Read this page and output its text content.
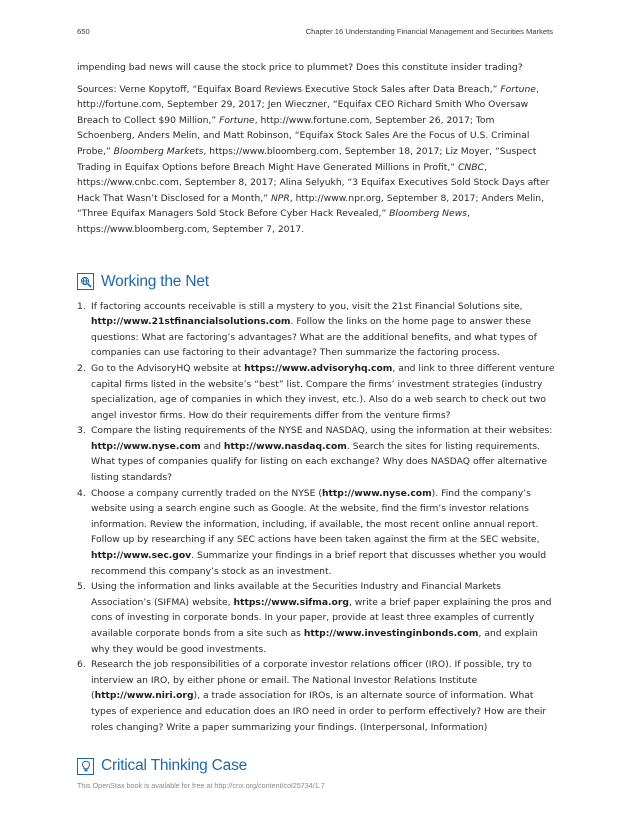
650	Chapter 16 Understanding Financial Management and Securities Markets

impending bad news will cause the stock price to plummet? Does this constitute insider trading?

Sources: Verne Kopytoff, “Equifax Board Reviews Executive Stock Sales after Data Breach,” Fortune, http://fortune.com, September 29, 2017; Jen Wieczner, “Equifax CEO Richard Smith Who Oversaw Breach to Collect $90 Million,” Fortune, http://www.fortune.com, September 26, 2017; Tom Schoenberg, Anders Melin, and Matt Robinson, “Equifax Stock Sales Are the Focus of U.S. Criminal Probe,” Bloomberg Markets, https://www.bloomberg.com, September 18, 2017; Liz Moyer, “Suspect Trading in Equifax Options before Breach Might Have Generated Millions in Profit,” CNBC, https://www.cnbc.com, September 8, 2017; Alina Selyukh, “3 Equifax Executives Sold Stock Days after Hack That Wasn’t Disclosed for a Month,” NPR, http://www.npr.org, September 8, 2017; Anders Melin, “Three Equifax Managers Sold Stock Before Cyber Hack Revealed,” Bloomberg News, https://www.bloomberg.com, September 7, 2017.

Working the Net
1. If factoring accounts receivable is still a mystery to you, visit the 21st Financial Solutions site, http://www.21stfinancialsolutions.com. Follow the links on the home page to answer these questions: What are factoring’s advantages? What are the additional benefits, and what types of companies can use factoring to their advantage? Then summarize the factoring process.
2. Go to the AdvisoryHQ website at https://www.advisoryhq.com, and link to three different venture capital firms listed in the website’s “best” list. Compare the firms’ investment strategies (industry specialization, age of companies in which they invest, etc.). Also do a web search to check out two angel investor firms. How do their requirements differ from the venture firms?
3. Compare the listing requirements of the NYSE and NASDAQ, using the information at their websites: http://www.nyse.com and http://www.nasdaq.com. Search the sites for listing requirements. What types of companies qualify for listing on each exchange? Why does NASDAQ offer alternative listing standards?
4. Choose a company currently traded on the NYSE (http://www.nyse.com). Find the company’s website using a search engine such as Google. At the website, find the firm’s investor relations information. Review the information, including, if available, the most recent online annual report. Follow up by researching if any SEC actions have been taken against the firm at the SEC website, http://www.sec.gov. Summarize your findings in a brief report that discusses whether you would recommend this company’s stock as an investment.
5. Using the information and links available at the Securities Industry and Financial Markets Association’s (SIFMA) website, https://www.sifma.org, write a brief paper explaining the pros and cons of investing in corporate bonds. In your paper, provide at least three examples of currently available corporate bonds from a site such as http://www.investinginbonds.com, and explain why they would be good investments.
6. Research the job responsibilities of a corporate investor relations officer (IRO). If possible, try to interview an IRO, by either phone or email. The National Investor Relations Institute (http://www.niri.org), a trade association for IROs, is an alternate source of information. What types of experience and education does an IRO need in order to perform effectively? How are their roles changing? Write a paper summarizing your findings. (Interpersonal, Information)
Critical Thinking Case
This OpenStax book is available for free at http://cnx.org/content/col25734/1.7
